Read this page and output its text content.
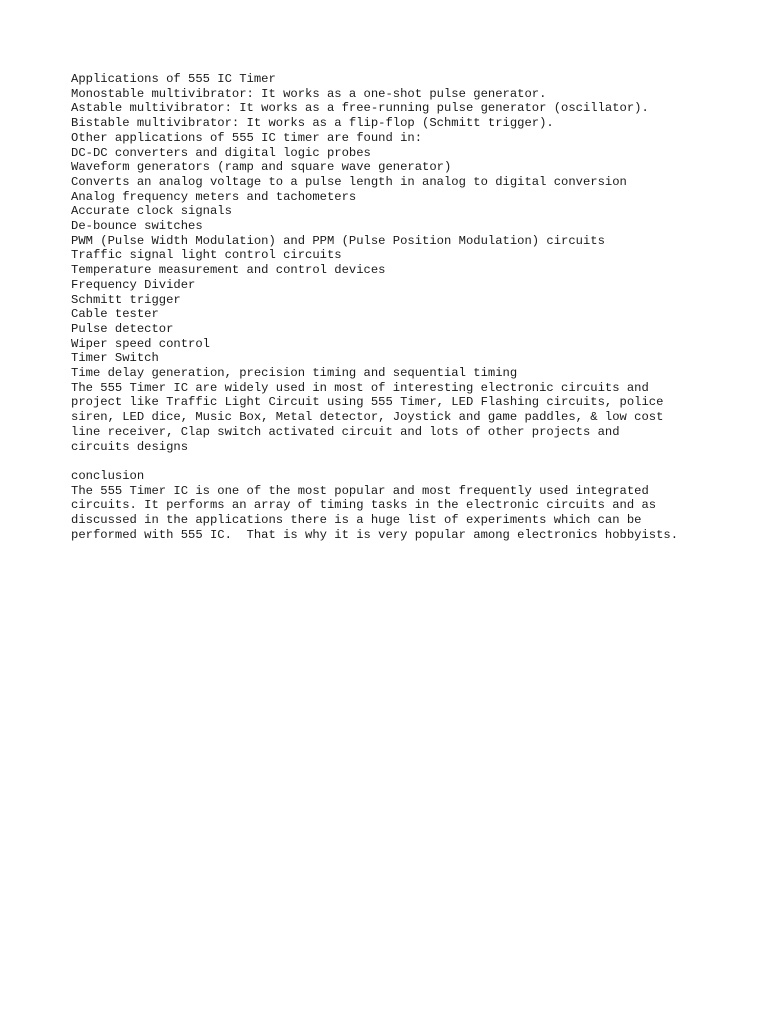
Applications of 555 IC Timer
Monostable multivibrator: It works as a one-shot pulse generator.
Astable multivibrator: It works as a free-running pulse generator (oscillator).
Bistable multivibrator: It works as a flip-flop (Schmitt trigger).
Other applications of 555 IC timer are found in:
DC-DC converters and digital logic probes
Waveform generators (ramp and square wave generator)
Converts an analog voltage to a pulse length in analog to digital conversion
Analog frequency meters and tachometers
Accurate clock signals
De-bounce switches
PWM (Pulse Width Modulation) and PPM (Pulse Position Modulation) circuits
Traffic signal light control circuits
Temperature measurement and control devices
Frequency Divider
Schmitt trigger
Cable tester
Pulse detector
Wiper speed control
Timer Switch
Time delay generation, precision timing and sequential timing
The 555 Timer IC are widely used in most of interesting electronic circuits and
project like Traffic Light Circuit using 555 Timer, LED Flashing circuits, police
siren, LED dice, Music Box, Metal detector, Joystick and game paddles, & low cost
line receiver, Clap switch activated circuit and lots of other projects and
circuits designs
conclusion
The 555 Timer IC is one of the most popular and most frequently used integrated
circuits. It performs an array of timing tasks in the electronic circuits and as
discussed in the applications there is a huge list of experiments which can be
performed with 555 IC.  That is why it is very popular among electronics hobbyists.
